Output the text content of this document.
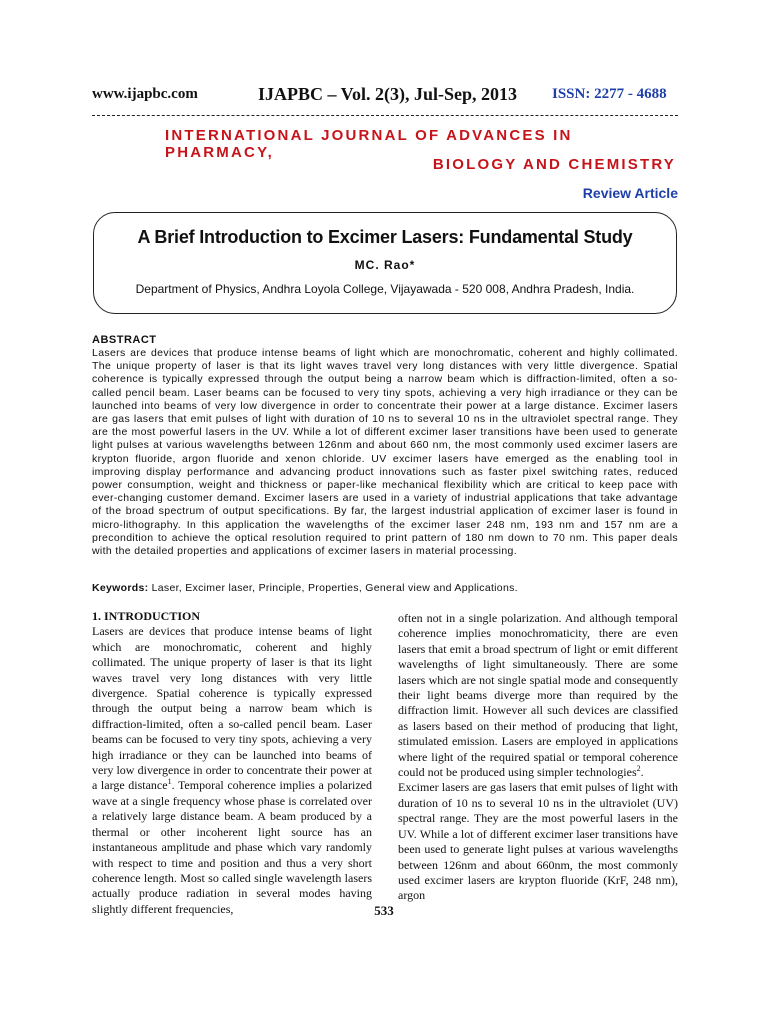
www.ijapbc.com	IJAPBC – Vol. 2(3), Jul-Sep, 2013 ISSN: 2277 - 4688
INTERNATIONAL JOURNAL OF ADVANCES IN PHARMACY,
BIOLOGY AND CHEMISTRY
Review Article
A Brief Introduction to Excimer Lasers: Fundamental Study
MC. Rao*
Department of Physics, Andhra Loyola College, Vijayawada - 520 008, Andhra Pradesh, India.
ABSTRACT
Lasers are devices that produce intense beams of light which are monochromatic, coherent and highly collimated. The unique property of laser is that its light waves travel very long distances with very little divergence. Spatial coherence is typically expressed through the output being a narrow beam which is diffraction-limited, often a so-called pencil beam. Laser beams can be focused to very tiny spots, achieving a very high irradiance or they can be launched into beams of very low divergence in order to concentrate their power at a large distance. Excimer lasers are gas lasers that emit pulses of light with duration of 10 ns to several 10 ns in the ultraviolet spectral range. They are the most powerful lasers in the UV. While a lot of different excimer laser transitions have been used to generate light pulses at various wavelengths between 126nm and about 660 nm, the most commonly used excimer lasers are krypton fluoride, argon fluoride and xenon chloride. UV excimer lasers have emerged as the enabling tool in improving display performance and advancing product innovations such as faster pixel switching rates, reduced power consumption, weight and thickness or paper-like mechanical flexibility which are critical to keep pace with ever-changing customer demand. Excimer lasers are used in a variety of industrial applications that take advantage of the broad spectrum of output specifications. By far, the largest industrial application of excimer laser is found in micro-lithography. In this application the wavelengths of the excimer laser 248 nm, 193 nm and 157 nm are a precondition to achieve the optical resolution required to print pattern of 180 nm down to 70 nm. This paper deals with the detailed properties and applications of excimer lasers in material processing.
Keywords: Laser, Excimer laser, Principle, Properties, General view and Applications.
1. INTRODUCTION
Lasers are devices that produce intense beams of light which are monochromatic, coherent and highly collimated. The unique property of laser is that its light waves travel very long distances with very little divergence. Spatial coherence is typically expressed through the output being a narrow beam which is diffraction-limited, often a so-called pencil beam. Laser beams can be focused to very tiny spots, achieving a very high irradiance or they can be launched into beams of very low divergence in order to concentrate their power at a large distance$^1$. Temporal coherence implies a polarized wave at a single frequency whose phase is correlated over a relatively large distance beam. A beam produced by a thermal or other incoherent light source has an instantaneous amplitude and phase which vary randomly with respect to time and position and thus a very short coherence length. Most so called single wavelength lasers actually produce radiation in several modes having slightly different frequencies,
often not in a single polarization. And although temporal coherence implies monochromaticity, there are even lasers that emit a broad spectrum of light or emit different wavelengths of light simultaneously. There are some lasers which are not single spatial mode and consequently their light beams diverge more than required by the diffraction limit. However all such devices are classified as lasers based on their method of producing that light, stimulated emission. Lasers are employed in applications where light of the required spatial or temporal coherence could not be produced using simpler technologies$^2$.
Excimer lasers are gas lasers that emit pulses of light with duration of 10 ns to several 10 ns in the ultraviolet (UV) spectral range. They are the most powerful lasers in the UV. While a lot of different excimer laser transitions have been used to generate light pulses at various wavelengths between 126nm and about 660nm, the most commonly used excimer lasers are krypton fluoride (KrF, 248 nm), argon
533
